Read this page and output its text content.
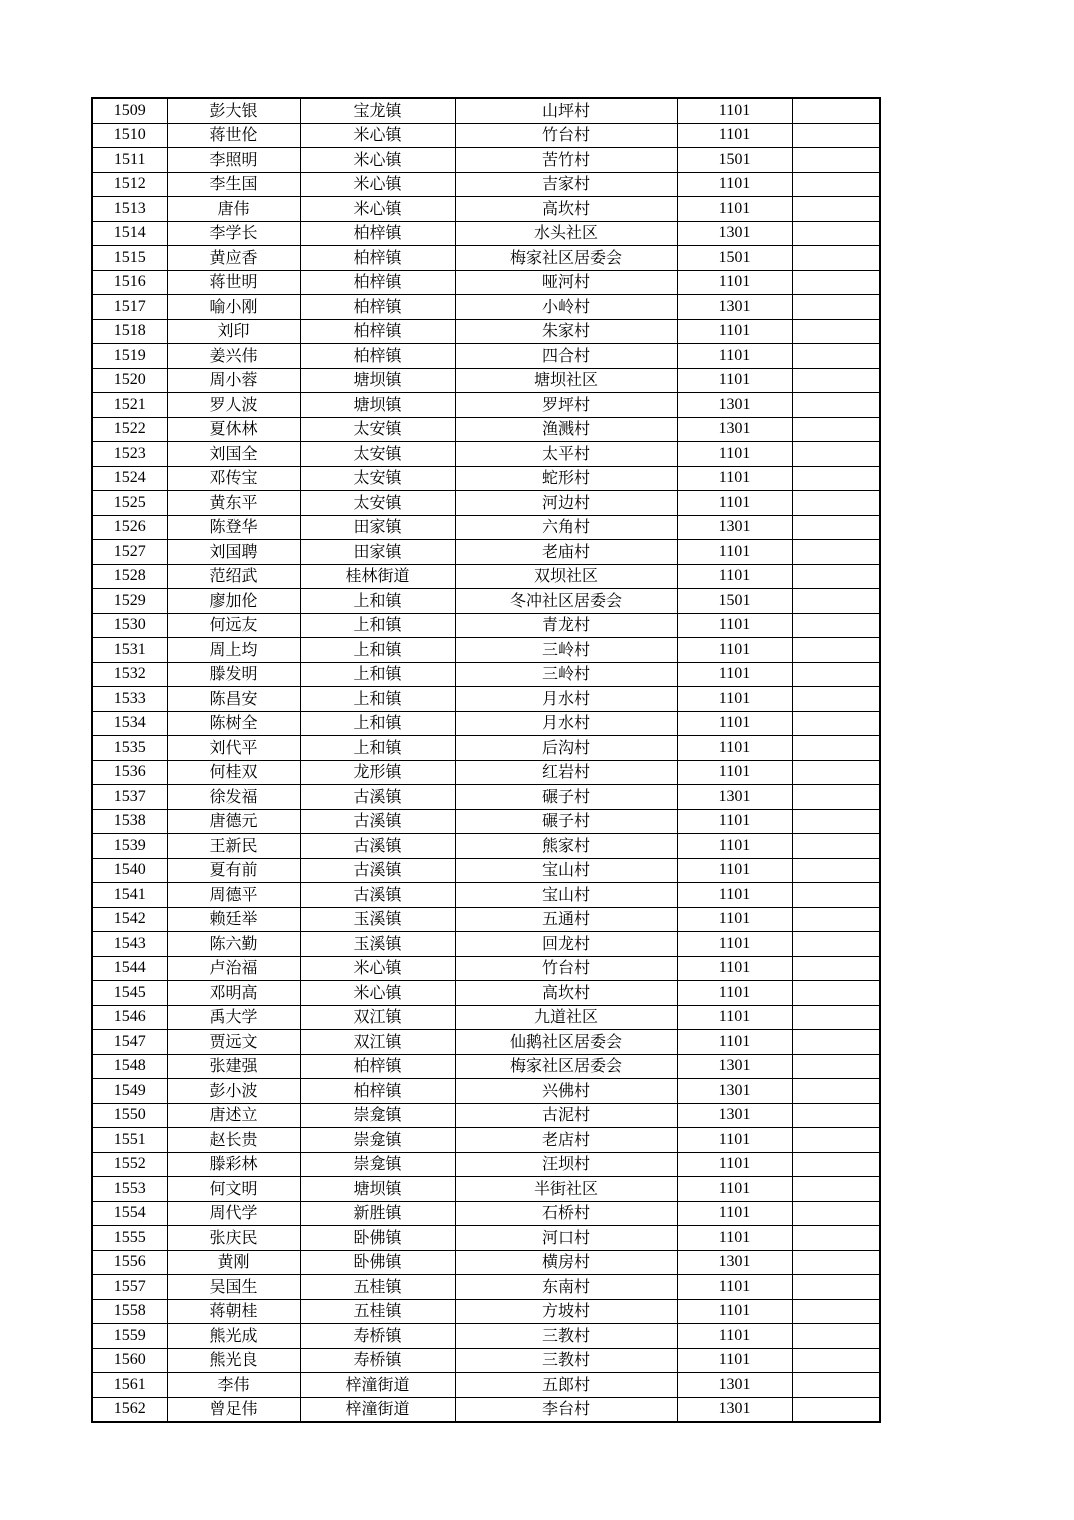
1509	彭大银	宝龙镇	山坪村	1101	
1510	蒋世伦	米心镇	竹台村	1101	
1511	李照明	米心镇	苦竹村	1501	
1512	李生国	米心镇	吉家村	1101	
1513	唐伟	米心镇	高坎村	1101	
1514	李学长	柏梓镇	水头社区	1301	
1515	黄应香	柏梓镇	梅家社区居委会	1501	
1516	蒋世明	柏梓镇	哑河村	1101	
1517	喻小刚	柏梓镇	小岭村	1301	
1518	刘印	柏梓镇	朱家村	1101	
1519	姜兴伟	柏梓镇	四合村	1101	
1520	周小蓉	塘坝镇	塘坝社区	1101	
1521	罗人波	塘坝镇	罗坪村	1301	
1522	夏休林	太安镇	渔溅村	1301	
1523	刘国全	太安镇	太平村	1101	
1524	邓传宝	太安镇	蛇形村	1101	
1525	黄东平	太安镇	河边村	1101	
1526	陈登华	田家镇	六角村	1301	
1527	刘国聘	田家镇	老庙村	1101	
1528	范绍武	桂林街道	双坝社区	1101	
1529	廖加伦	上和镇	冬冲社区居委会	1501	
1530	何远友	上和镇	青龙村	1101	
1531	周上均	上和镇	三岭村	1101	
1532	滕发明	上和镇	三岭村	1101	
1533	陈昌安	上和镇	月水村	1101	
1534	陈树全	上和镇	月水村	1101	
1535	刘代平	上和镇	后沟村	1101	
1536	何桂双	龙形镇	红岩村	1101	
1537	徐发福	古溪镇	碾子村	1301	
1538	唐德元	古溪镇	碾子村	1101	
1539	王新民	古溪镇	熊家村	1101	
1540	夏有前	古溪镇	宝山村	1101	
1541	周德平	古溪镇	宝山村	1101	
1542	赖廷举	玉溪镇	五通村	1101	
1543	陈六勤	玉溪镇	回龙村	1101	
1544	卢治福	米心镇	竹台村	1101	
1545	邓明高	米心镇	高坎村	1101	
1546	禹大学	双江镇	九道社区	1101	
1547	贾远文	双江镇	仙鹅社区居委会	1101	
1548	张建强	柏梓镇	梅家社区居委会	1301	
1549	彭小波	柏梓镇	兴佛村	1301	
1550	唐述立	崇龛镇	古泥村	1301	
1551	赵长贵	崇龛镇	老店村	1101	
1552	滕彩林	崇龛镇	汪坝村	1101	
1553	何文明	塘坝镇	半街社区	1101	
1554	周代学	新胜镇	石桥村	1101	
1555	张庆民	卧佛镇	河口村	1101	
1556	黄刚	卧佛镇	横房村	1301	
1557	吴国生	五桂镇	东南村	1101	
1558	蒋朝桂	五桂镇	方坡村	1101	
1559	熊光成	寿桥镇	三教村	1101	
1560	熊光良	寿桥镇	三教村	1101	
1561	李伟	梓潼街道	五郎村	1301	
1562	曾足伟	梓潼街道	李台村	1301	
